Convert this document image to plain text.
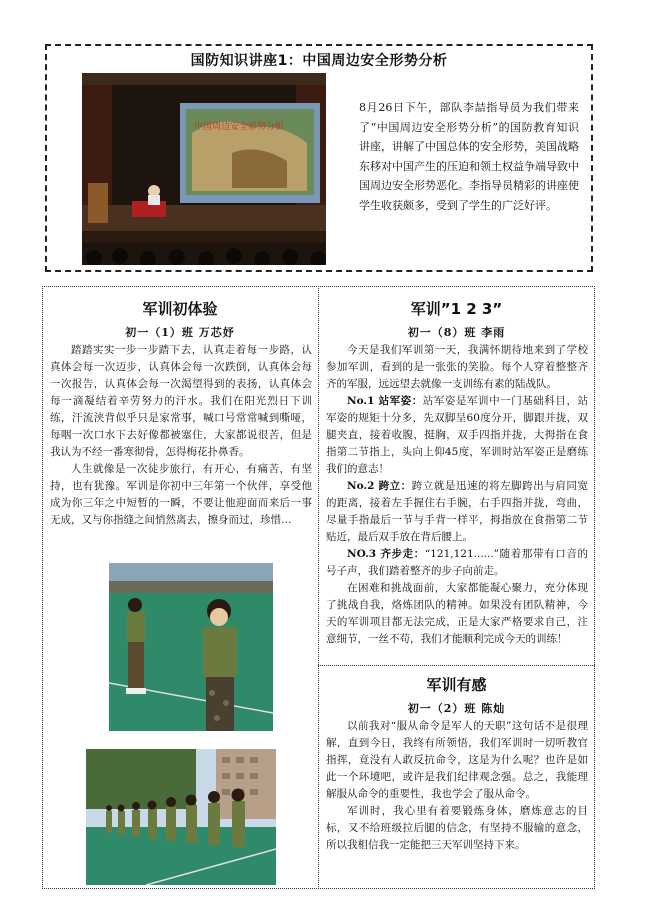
国防知识讲座1：中国周边安全形势分析
中国周边安全形势分析
8月26日下午，部队李喆指导员为我们带来了“中国周边安全形势分析”的国防教育知识讲座，讲解了中国总体的安全形势，美国战略东移对中国产生的压迫和领土权益争端导致中国周边安全形势恶化。李指导员精彩的讲座使学生收获颇多，受到了学生的广泛好评。
军训初体验
初一（1）班 万芯妤

踏踏实实一步一步踏下去，认真走着每一步路，认真体会每一次迈步，认真体会每一次跌倒，认真体会每一次报告，认真体会每一次渴望得到的表扬，认真体会每一滴凝结着辛劳努力的汗水。我们在阳光烈日下训练，汗流浃背似乎只是家常事，喊口号常常喊到嘶哑，每咽一次口水下去好像都被塞住，大家都说很苦，但是我认为不经一番寒彻骨，怎得梅花扑鼻香。

人生就像是一次徒步旅行，有开心，有痛苦，有坚持，也有犹豫。军训是你初中三年第一个伙伴，享受他成为你三年之中短暂的一瞬，不要让他迎面而来后一事无成，又与你指缝之间悄然离去，擦身而过，珍惜…

军训”1 2 3”
初一（8）班 李雨

今天是我们军训第一天，我满怀期待地来到了学校参加军训，看到的是一张张的笑脸。每个人穿着整整齐齐的军服，远远望去就像一支训练有素的陆战队。

No.1 站军姿：站军姿是军训中一门基础科目，站军姿的规矩十分多，先双脚呈60度分开，脚跟并拢，双腿夹直，接着收腹，挺胸，双手四指并拢，大拇指在食指第二节指上，头向上仰45度，军训时站军姿正是磨练我们的意志！

No.2 跨立：跨立就是迅速的将左脚跨出与肩同宽的距离，接着左手握住右手腕，右手四指并拢，弯曲，尽量手指最后一节与手背一样平，拇指放在食指第二节贴近，最后双手放在背后腰上。

NO.3 齐步走：“121,121......”随着那带有口音的号子声，我们踏着整齐的步子向前走。

在困难和挑战面前，大家都能凝心聚力，充分体现了挑战自我，烙炼团队的精神。如果没有团队精神，今天的军训项目都无法完成，正是大家严格要求自己，注意细节，一丝不苟，我们才能顺利完成今天的训练！

军训有感
初一（2）班 陈灿

以前我对“服从命令是军人的天职”这句话不是很理解，直到今日，我终有所领悟，我们军训时一切听教官指挥，竟没有人敢反抗命令，这是为什么呢？也许是如此一个环境吧，或许是我们纪律观念强。总之，我能理解服从命令的重要性，我也学会了服从命令。

军训时，我心里有着要锻炼身体，磨炼意志的目标，又不给班级拉后腿的信念，有坚持不服输的意念，所以我相信我一定能把三天军训坚持下来。
